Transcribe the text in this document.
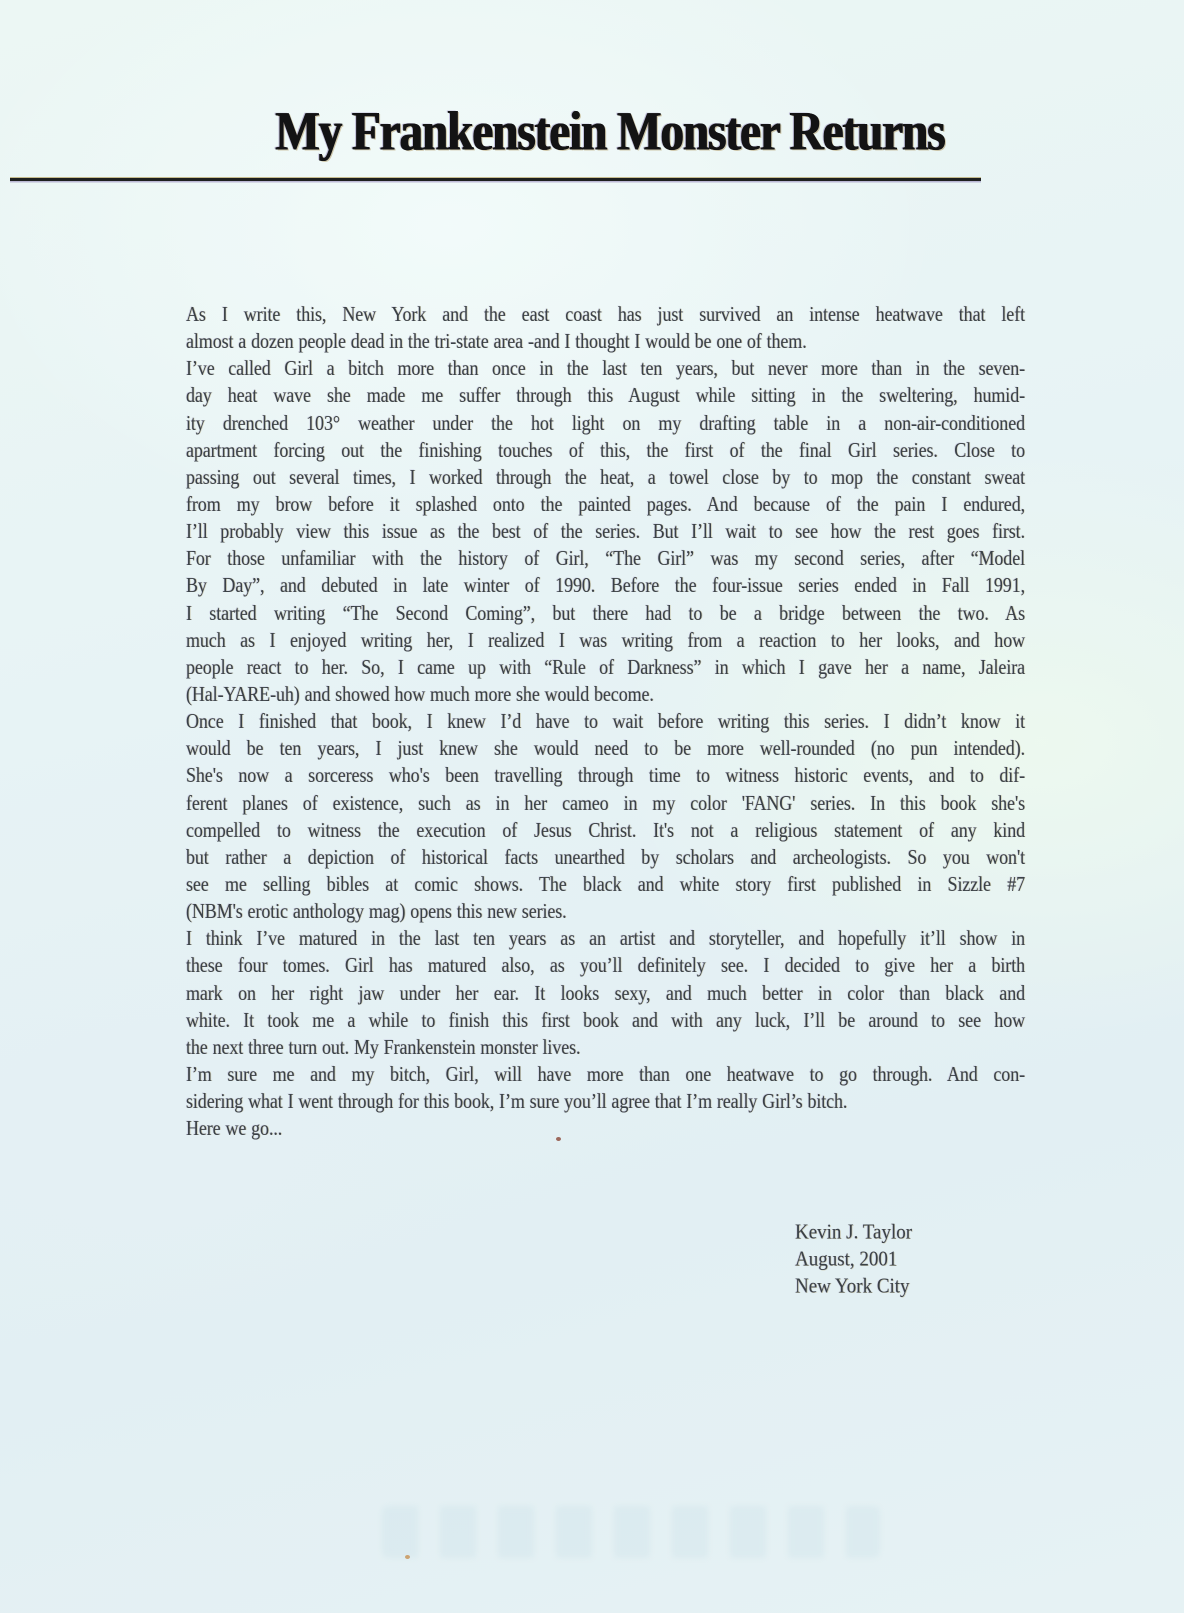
My Frankenstein Monster Returns
As I write this, New York and the east coast has just survived an intense heatwave that left
almost a dozen people dead in the tri-state area -and I thought I would be one of them.
I’ve called Girl a bitch more than once in the last ten years, but never more than in the seven-
day heat wave she made me suffer through this August while sitting in the sweltering, humid-
ity drenched 103° weather under the hot light on my drafting table in a non-air-conditioned
apartment forcing out the finishing touches of this, the first of the final Girl series. Close to
passing out several times, I worked through the heat, a towel close by to mop the constant sweat
from my brow before it splashed onto the painted pages. And because of the pain I endured,
I’ll probably view this issue as the best of the series. But I’ll wait to see how the rest goes first.
For those unfamiliar with the history of Girl, “The Girl” was my second series, after “Model
By Day”, and debuted in late winter of 1990. Before the four-issue series ended in Fall 1991,
I started writing “The Second Coming”, but there had to be a bridge between the two. As
much as I enjoyed writing her, I realized I was writing from a reaction to her looks, and how
people react to her. So, I came up with “Rule of Darkness” in which I gave her a name, Jaleira
(Hal-YARE-uh) and showed how much more she would become.
Once I finished that book, I knew I’d have to wait before writing this series. I didn’t know it
would be ten years, I just knew she would need to be more well-rounded (no pun intended).
She's now a sorceress who's been travelling through time to witness historic events, and to dif-
ferent planes of existence, such as in her cameo in my color 'FANG' series. In this book she's
compelled to witness the execution of Jesus Christ. It's not a religious statement of any kind
but rather a depiction of historical facts unearthed by scholars and archeologists. So you won't
see me selling bibles at comic shows. The black and white story first published in Sizzle #7
(NBM's erotic anthology mag) opens this new series.
I think I’ve matured in the last ten years as an artist and storyteller, and hopefully it’ll show in
these four tomes. Girl has matured also, as you’ll definitely see. I decided to give her a birth
mark on her right jaw under her ear. It looks sexy, and much better in color than black and
white. It took me a while to finish this first book and with any luck, I’ll be around to see how
the next three turn out. My Frankenstein monster lives.
I’m sure me and my bitch, Girl, will have more than one heatwave to go through. And con-
sidering what I went through for this book, I’m sure you’ll agree that I’m really Girl’s bitch.
Here we go...
Kevin J. Taylor
August, 2001
New York City
